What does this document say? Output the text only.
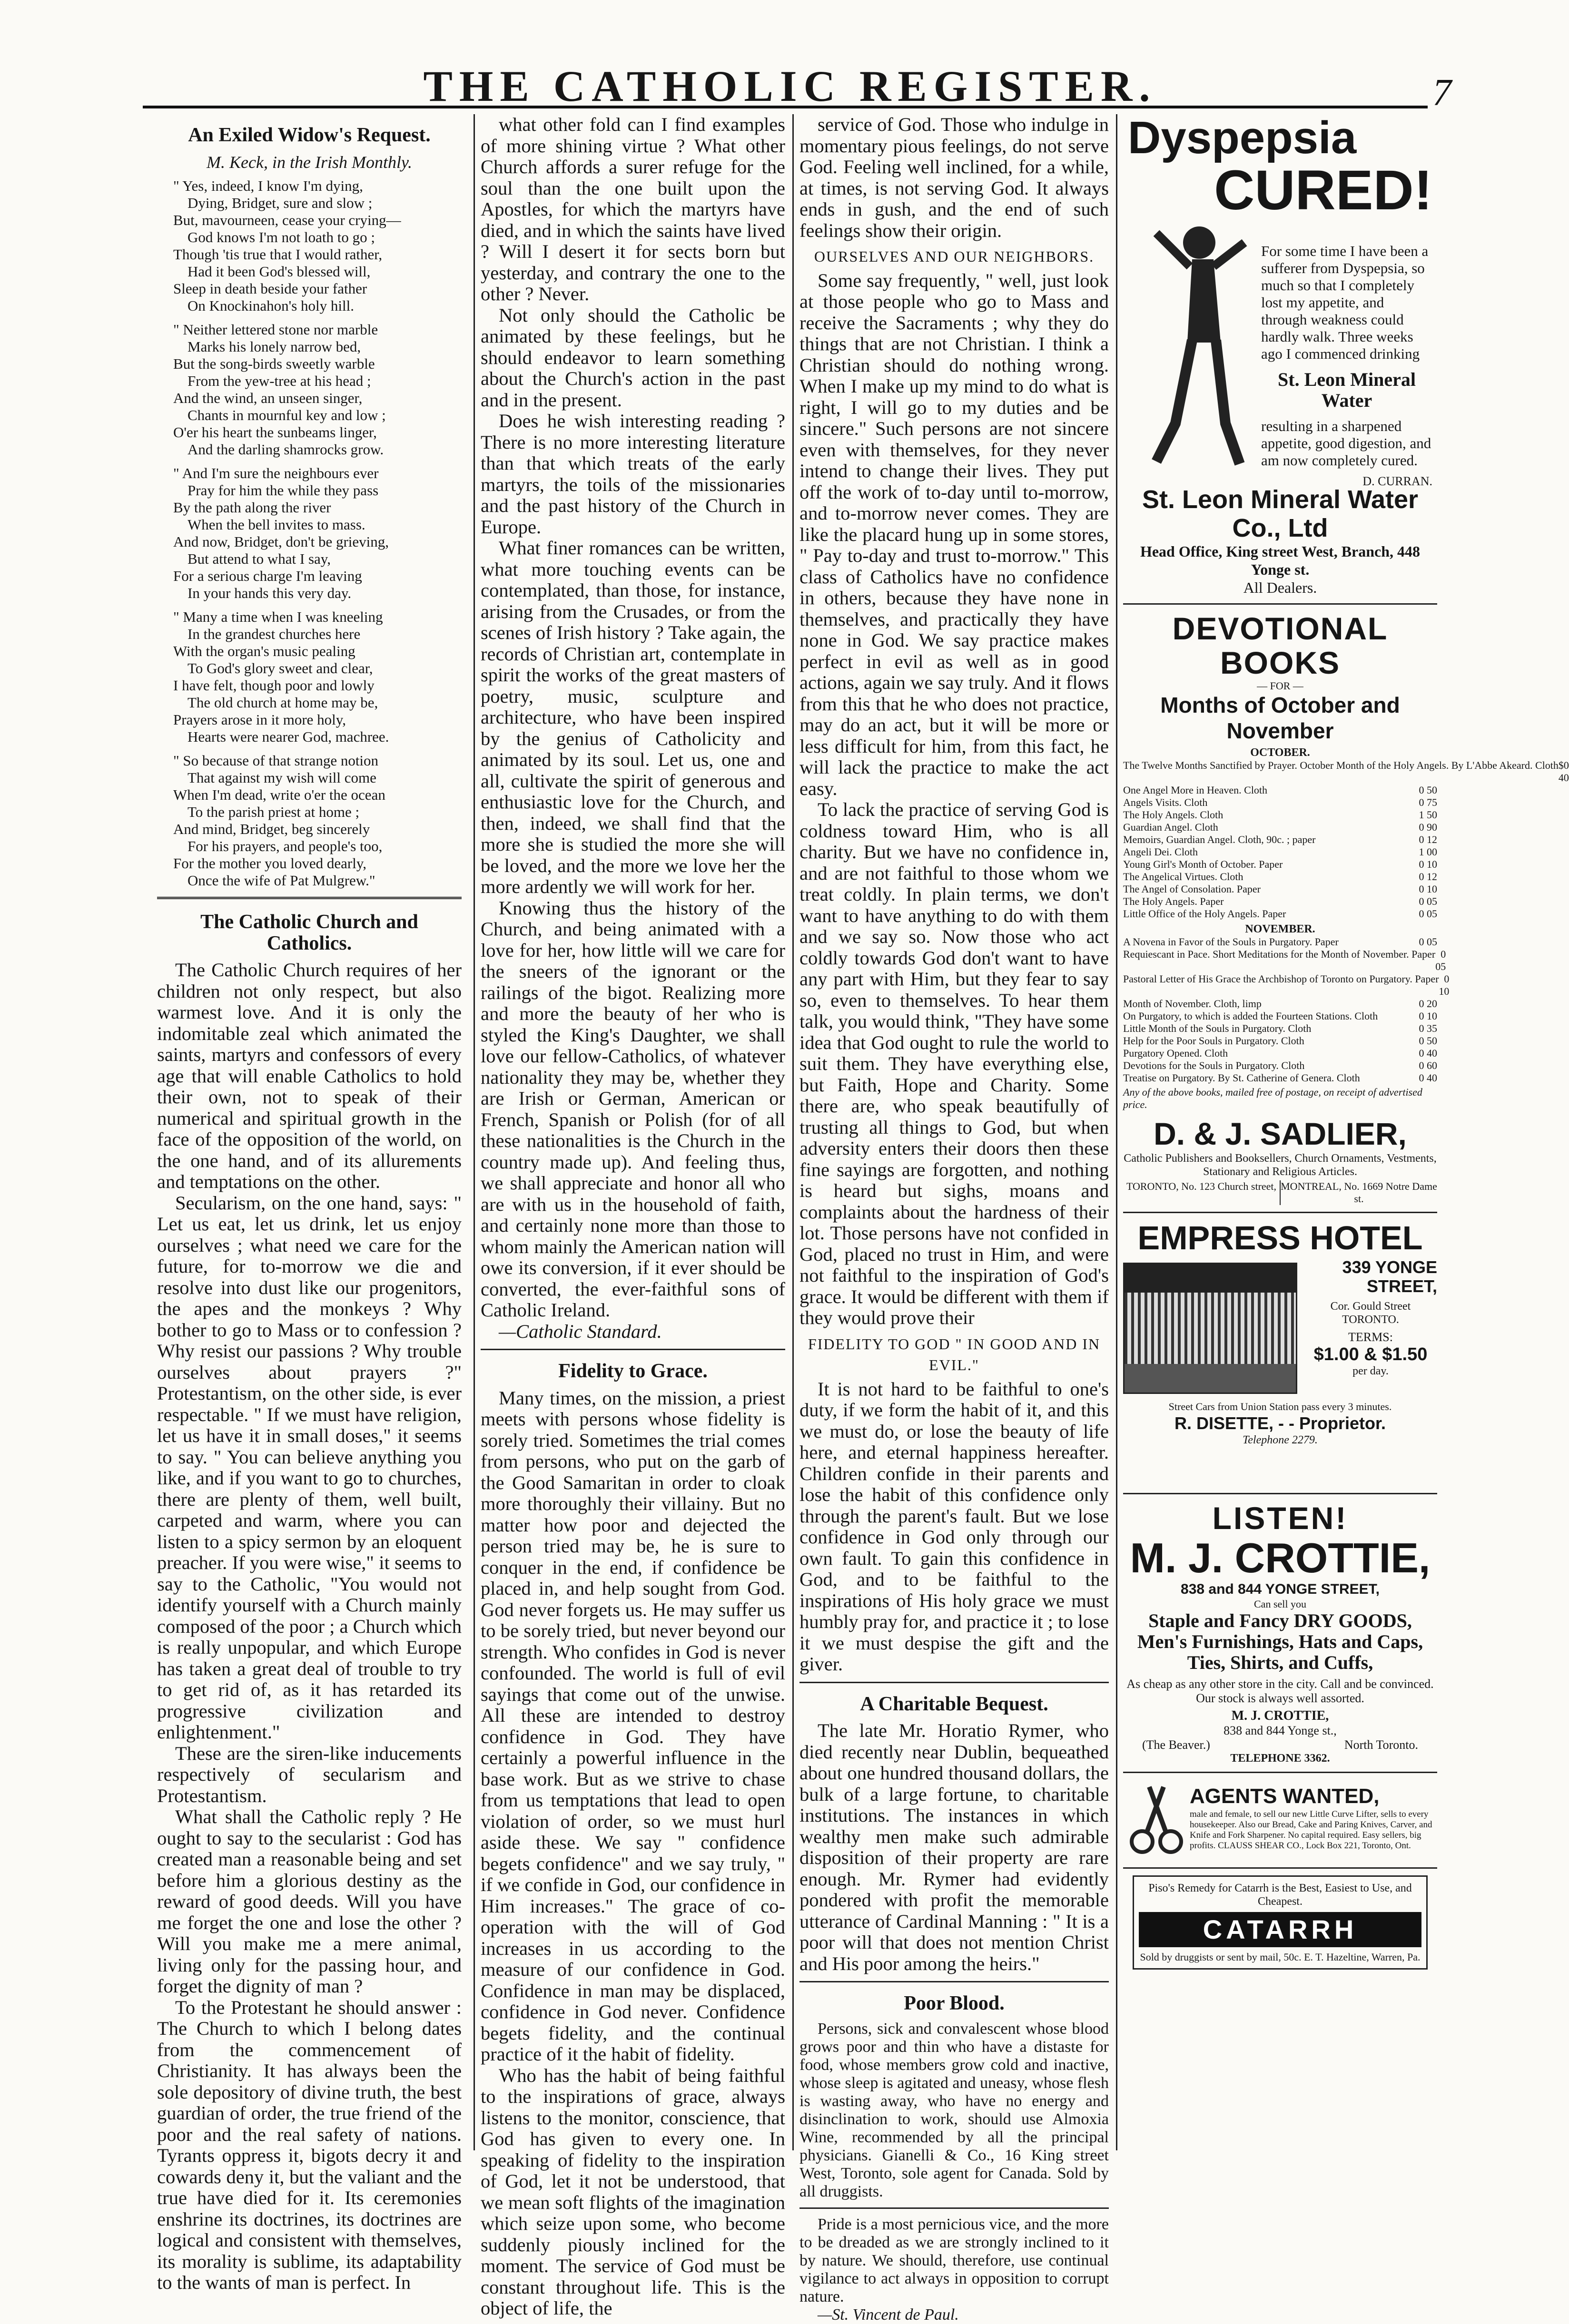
THE CATHOLIC REGISTER.	7
An Exiled Widow's Request.
M. Keck, in the Irish Monthly.
" Yes, indeed, I know I'm dying,
Dying, Bridget, sure and slow ;
But, mavourneen, cease your crying—
God knows I'm not loath to go ;
Though 'tis true that I would rather,
Had it been God's blessed will,
Sleep in death beside your father
On Knockinahon's holy hill.
" Neither lettered stone nor marble
Marks his lonely narrow bed,
But the song-birds sweetly warble
From the yew-tree at his head ;
And the wind, an unseen singer,
Chants in mournful key and low ;
O'er his heart the sunbeams linger,
And the darling shamrocks grow.
" And I'm sure the neighbours ever
Pray for him the while they pass
By the path along the river
When the bell invites to mass.
And now, Bridget, don't be grieving,
But attend to what I say,
For a serious charge I'm leaving
In your hands this very day.
" Many a time when I was kneeling
In the grandest churches here
With the organ's music pealing
To God's glory sweet and clear,
I have felt, though poor and lowly
The old church at home may be,
Prayers arose in it more holy,
Hearts were nearer God, machree.
" So because of that strange notion
That against my wish will come
When I'm dead, write o'er the ocean
To the parish priest at home ;
And mind, Bridget, beg sincerely
For his prayers, and people's too,
For the mother you loved dearly,
Once the wife of Pat Mulgrew."
The Catholic Church and Catholics.

The Catholic Church requires of her children not only respect, but also warmest love. And it is only the indomitable zeal which animated the saints, martyrs and confessors of every age that will enable Catholics to hold their own, not to speak of their numerical and spiritual growth in the face of the opposition of the world, on the one hand, and of its allurements and temptations on the other.

Secularism, on the one hand, says: " Let us eat, let us drink, let us enjoy ourselves ; what need we care for the future, for to-morrow we die and resolve into dust like our progenitors, the apes and the monkeys ? Why bother to go to Mass or to confession ? Why resist our passions ? Why trouble ourselves about prayers ?" Protestantism, on the other side, is ever respectable. " If we must have religion, let us have it in small doses," it seems to say. " You can believe anything you like, and if you want to go to churches, there are plenty of them, well built, carpeted and warm, where you can listen to a spicy sermon by an eloquent preacher. If you were wise," it seems to say to the Catholic, "You would not identify yourself with a Church mainly composed of the poor ; a Church which is really unpopular, and which Europe has taken a great deal of trouble to try to get rid of, as it has retarded its progressive civilization and enlightenment."

These are the siren-like inducements respectively of secularism and Protestantism.

What shall the Catholic reply ? He ought to say to the secularist : God has created man a reasonable being and set before him a glorious destiny as the reward of good deeds. Will you have me forget the one and lose the other ? Will you make me a mere animal, living only for the passing hour, and forget the dignity of man ?

To the Protestant he should answer : The Church to which I belong dates from the commencement of Christianity. It has always been the sole depository of divine truth, the best guardian of order, the true friend of the poor and the real safety of nations. Tyrants oppress it, bigots decry it and cowards deny it, but the valiant and the true have died for it. Its ceremonies enshrine its doctrines, its doctrines are logical and consistent with themselves, its morality is sublime, its adaptability to the wants of man is perfect. In

what other fold can I find examples of more shining virtue ? What other Church affords a surer refuge for the soul than the one built upon the Apostles, for which the martyrs have died, and in which the saints have lived ? Will I desert it for sects born but yesterday, and contrary the one to the other ? Never.

Not only should the Catholic be animated by these feelings, but he should endeavor to learn something about the Church's action in the past and in the present.

Does he wish interesting reading ? There is no more interesting literature than that which treats of the early martyrs, the toils of the missionaries and the past history of the Church in Europe.

What finer romances can be written, what more touching events can be contemplated, than those, for instance, arising from the Crusades, or from the scenes of Irish history ? Take again, the records of Christian art, contemplate in spirit the works of the great masters of poetry, music, sculpture and architecture, who have been inspired by the genius of Catholicity and animated by its soul. Let us, one and all, cultivate the spirit of generous and enthusiastic love for the Church, and then, indeed, we shall find that the more she is studied the more she will be loved, and the more we love her the more ardently we will work for her.

Knowing thus the history of the Church, and being animated with a love for her, how little will we care for the sneers of the ignorant or the railings of the bigot. Realizing more and more the beauty of her who is styled the King's Daughter, we shall love our fellow-Catholics, of whatever nationality they may be, whether they are Irish or German, American or French, Spanish or Polish (for of all these nationalities is the Church in the country made up). And feeling thus, we shall appreciate and honor all who are with us in the household of faith, and certainly none more than those to whom mainly the American nation will owe its conversion, if it ever should be converted, the ever-faithful sons of Catholic Ireland.

—Catholic Standard.

Fidelity to Grace.

Many times, on the mission, a priest meets with persons whose fidelity is sorely tried. Sometimes the trial comes from persons, who put on the garb of the Good Samaritan in order to cloak more thoroughly their villainy. But no matter how poor and dejected the person tried may be, he is sure to conquer in the end, if confidence be placed in, and help sought from God. God never forgets us. He may suffer us to be sorely tried, but never beyond our strength. Who confides in God is never confounded. The world is full of evil sayings that come out of the unwise. All these are intended to destroy confidence in God. They have certainly a powerful influence in the base work. But as we strive to chase from us temptations that lead to open violation of order, so we must hurl aside these. We say " confidence begets confidence" and we say truly, " if we confide in God, our confidence in Him increases." The grace of co-operation with the will of God increases in us according to the measure of our confidence in God. Confidence in man may be displaced, confidence in God never. Confidence begets fidelity, and the continual practice of it the habit of fidelity.

Who has the habit of being faithful to the inspirations of grace, always listens to the monitor, conscience, that God has given to every one. In speaking of fidelity to the inspiration of God, let it not be understood, that we mean soft flights of the imagination which seize upon some, who become suddenly piously inclined for the moment. The service of God must be constant throughout life. This is the object of life, the

service of God. Those who indulge in momentary pious feelings, do not serve God. Feeling well inclined, for a while, at times, is not serving God. It always ends in gush, and the end of such feelings show their origin.

OURSELVES AND OUR NEIGHBORS.

Some say frequently, " well, just look at those people who go to Mass and receive the Sacraments ; why they do things that are not Christian. I think a Christian should do nothing wrong. When I make up my mind to do what is right, I will go to my duties and be sincere." Such persons are not sincere even with themselves, for they never intend to change their lives. They put off the work of to-day until to-morrow, and to-morrow never comes. They are like the placard hung up in some stores, " Pay to-day and trust to-morrow." This class of Catholics have no confidence in others, because they have none in themselves, and practically they have none in God. We say practice makes perfect in evil as well as in good actions, again we say truly. And it flows from this that he who does not practice, may do an act, but it will be more or less difficult for him, from this fact, he will lack the practice to make the act easy.

To lack the practice of serving God is coldness toward Him, who is all charity. But we have no confidence in, and are not faithful to those whom we treat coldly. In plain terms, we don't want to have anything to do with them and we say so. Now those who act coldly towards God don't want to have any part with Him, but they fear to say so, even to themselves. To hear them talk, you would think, "They have some idea that God ought to rule the world to suit them. They have everything else, but Faith, Hope and Charity. Some there are, who speak beautifully of trusting all things to God, but when adversity enters their doors then these fine sayings are forgotten, and nothing is heard but sighs, moans and complaints about the hardness of their lot. Those persons have not confided in God, placed no trust in Him, and were not faithful to the inspiration of God's grace. It would be different with them if they would prove their

FIDELITY TO GOD " IN GOOD AND IN EVIL."

It is not hard to be faithful to one's duty, if we form the habit of it, and this we must do, or lose the beauty of life here, and eternal happiness hereafter. Children confide in their parents and lose the habit of this confidence only through the parent's fault. But we lose confidence in God only through our own fault. To gain this confidence in God, and to be faithful to the inspirations of His holy grace we must humbly pray for, and practice it ; to lose it we must despise the gift and the giver.

A Charitable Bequest.

The late Mr. Horatio Rymer, who died recently near Dublin, bequeathed about one hundred thousand dollars, the bulk of a large fortune, to charitable institutions. The instances in which wealthy men make such admirable disposition of their property are rare enough. Mr. Rymer had evidently pondered with profit the memorable utterance of Cardinal Manning : " It is a poor will that does not mention Christ and His poor among the heirs."

Poor Blood.

Persons, sick and convalescent whose blood grows poor and thin who have a distaste for food, whose members grow cold and inactive, whose sleep is agitated and uneasy, whose flesh is wasting away, who have no energy and disinclination to work, should use Almoxia Wine, recommended by all the principal physicians. Gianelli & Co., 16 King street West, Toronto, sole agent for Canada. Sold by all druggists.

Pride is a most pernicious vice, and the more to be dreaded as we are strongly inclined to it by nature. We should, therefore, use continual vigilance to act always in opposition to corrupt nature.

—St. Vincent de Paul.

Dyspepsia
CURED!
For some time I have been a sufferer from Dyspepsia, so much so that I completely lost my appetite, and through weakness could hardly walk. Three weeks ago I commenced drinking
St. Leon Mineral Water
resulting in a sharpened appetite, good digestion, and am now completely cured.
D. CURRAN.
St. Leon Mineral Water Co., Ltd
Head Office, King street West, Branch, 448 Yonge st.
All Dealers.
DEVOTIONAL BOOKS
— FOR —
Months of October and November
OCTOBER.
The Twelve Months Sanctified by Prayer. October Month of the Holy Angels. By L'Abbe Akeard. Cloth $0 40
One Angel More in Heaven. Cloth	0 50
Angels Visits. Cloth	0 75
The Holy Angels. Cloth	1 50
Guardian Angel. Cloth	0 90
Memoirs, Guardian Angel. Cloth, 90c. ; paper	0 12
Angeli Dei. Cloth	1 00
Young Girl's Month of October. Paper	0 10
The Angelical Virtues. Cloth	0 12
The Angel of Consolation. Paper	0 10
The Holy Angels. Paper	0 05
Little Office of the Holy Angels. Paper	0 05
NOVEMBER.
A Novena in Favor of the Souls in Purgatory. Paper	0 05
Requiescant in Pace. Short Meditations for the Month of November. Paper 0 05
Pastoral Letter of His Grace the Archbishop of Toronto on Purgatory. Paper 0 10
Month of November. Cloth, limp	0 20
On Purgatory, to which is added the Fourteen Stations. Cloth	0 10
Little Month of the Souls in Purgatory. Cloth	0 35
Help for the Poor Souls in Purgatory. Cloth	0 50
Purgatory Opened. Cloth	0 40
Devotions for the Souls in Purgatory. Cloth	0 60
Treatise on Purgatory. By St. Catherine of Genera. Cloth	0 40
Any of the above books, mailed free of postage, on receipt of advertised price.
D. & J. SADLIER,
Catholic Publishers and Booksellers, Church Ornaments, Vestments, Stationary and Religious Articles.
TORONTO, No. 123 Church street, MONTREAL, No. 1669 Notre Dame st.
EMPRESS HOTEL
339 YONGE STREET,
Cor. Gould Street TORONTO.
TERMS:
$1.00 & $1.50
per day.
Street Cars from Union Station pass every 3 minutes.
R. DISETTE, - - Proprietor.
Telephone 2279.
LISTEN!
M. J. CROTTIE,
838 and 844 YONGE STREET,
Can sell you
Staple and Fancy DRY GOODS, Men's Furnishings, Hats and Caps, Ties, Shirts, and Cuffs,
As cheap as any other store in the city. Call and be convinced. Our stock is always well assorted.
M. J. CROTTIE,
838 and 844 Yonge st.,
(The Beaver.)	North Toronto.
TELEPHONE 3362.
AGENTS WANTED,
male and female, to sell our new Little Curve Lifter, sells to every housekeeper. Also our Bread, Cake and Paring Knives, Carver, and Knife and Fork Sharpener. No capital required. Easy sellers, big profits. CLAUSS SHEAR CO., Lock Box 221, Toronto, Ont.
Piso's Remedy for Catarrh is the Best, Easiest to Use, and Cheapest.
CATARRH
Sold by druggists or sent by mail, 50c. E. T. Hazeltine, Warren, Pa.
